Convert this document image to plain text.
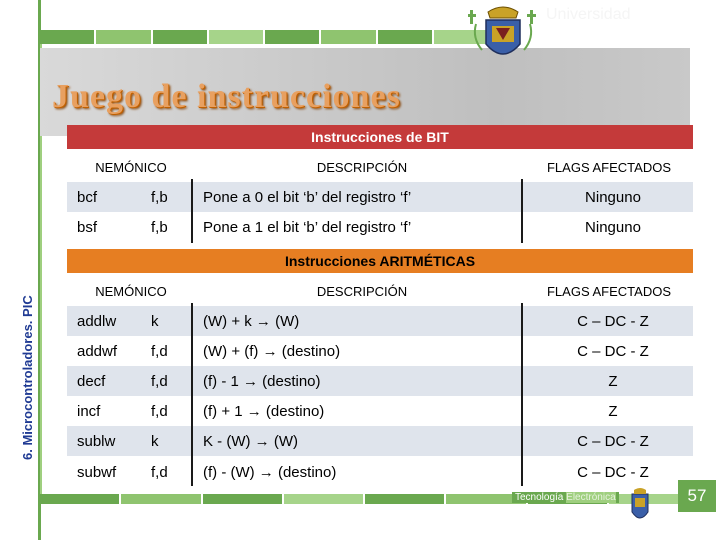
Universidad
de Oviedo
Juego de instrucciones
6. Microcontroladores. PIC
Instrucciones de BIT
NEMÓNICO	DESCRIPCIÓN	FLAGS AFECTADOS
bcf	f,b	Pone a 0 el bit ‘b’ del registro ‘f’	Ninguno
bsf	f,b	Pone a 1 el bit ‘b’ del registro ‘f’	Ninguno
Instrucciones ARITMÉTICAS
NEMÓNICO	DESCRIPCIÓN	FLAGS AFECTADOS
addlw	k	(W) + k → (W)	C – DC - Z
addwf	f,d	(W) + (f) → (destino)	C – DC - Z
decf	f,d	(f) - 1 → (destino)	Z
incf	f,d	(f) + 1 → (destino)	Z
sublw	k	K - (W) → (W)	C – DC - Z
subwf	f,d	(f) - (W) → (destino)	C – DC - Z
Tecnología Electrónica	57
